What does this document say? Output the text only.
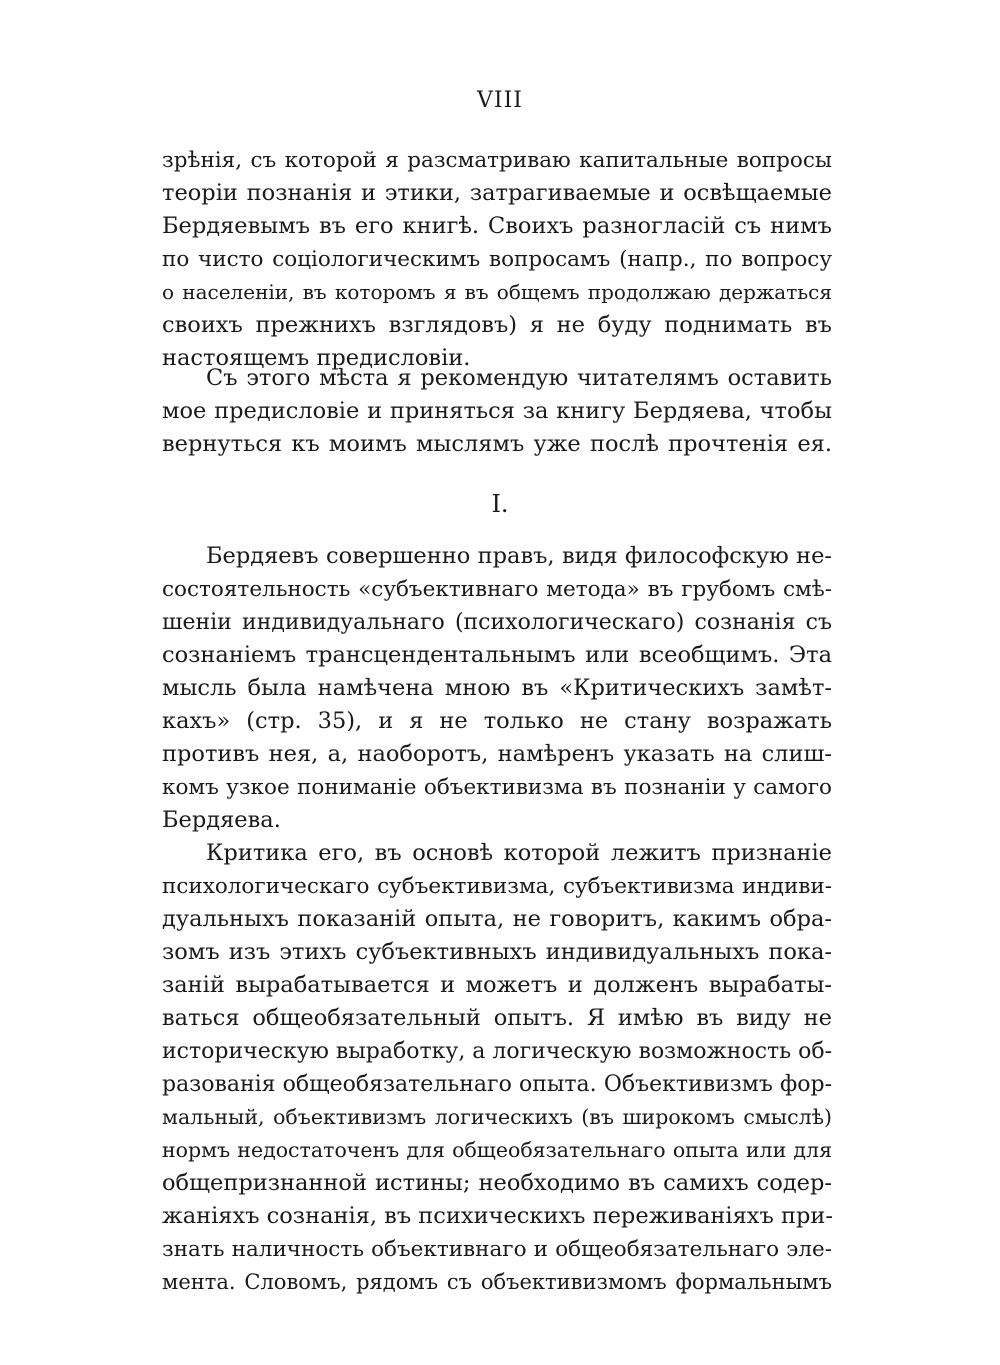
VIII
зрѣнія, съ которой я разсматриваю капитальные вопросы
теоріи познанія и этики, затрагиваемые и освѣщаемые
Бердяевымъ въ его книгѣ. Своихъ разногласій съ нимъ
по чисто соціологическимъ вопросамъ (напр., по вопросу
о населеніи, въ которомъ я въ общемъ продолжаю держаться
своихъ прежнихъ взглядовъ) я не буду поднимать въ
настоящемъ предисловіи.
Съ этого мѣста я рекомендую читателямъ оставить
мое предисловіе и приняться за книгу Бердяева, чтобы
вернуться къ моимъ мыслямъ уже послѣ прочтенія ея.
I.
Бердяевъ совершенно правъ, видя философскую не-
состоятельность «субъективнаго метода» въ грубомъ смѣ-
шеніи индивидуальнаго (психологическаго) сознанія съ
сознаніемъ трансцендентальнымъ или всеобщимъ. Эта
мысль была намѣчена мною въ «Критическихъ замѣт-
кахъ» (стр. 35), и я не только не стану возражать
противъ нея, а, наоборотъ, намѣренъ указать на слиш-
комъ узкое пониманіе объективизма въ познаніи у самого
Бердяева.
Критика его, въ основѣ которой лежитъ признаніе
психологическаго субъективизма, субъективизма индиви-
дуальныхъ показаній опыта, не говоритъ, какимъ обра-
зомъ изъ этихъ субъективныхъ индивидуальныхъ пока-
заній вырабатывается и можетъ и долженъ вырабаты-
ваться общеобязательный опытъ. Я имѣю въ виду не
историческую выработку, а логическую возможность об-
разованія общеобязательнаго опыта. Объективизмъ фор-
мальный, объективизмъ логическихъ (въ широкомъ смыслѣ)
нормъ недостаточенъ для общеобязательнаго опыта или для
общепризнанной истины; необходимо въ самихъ содер-
жаніяхъ сознанія, въ психическихъ переживаніяхъ при-
знать наличность объективнаго и общеобязательнаго эле-
мента. Словомъ, рядомъ съ объективизмомъ формальнымъ
